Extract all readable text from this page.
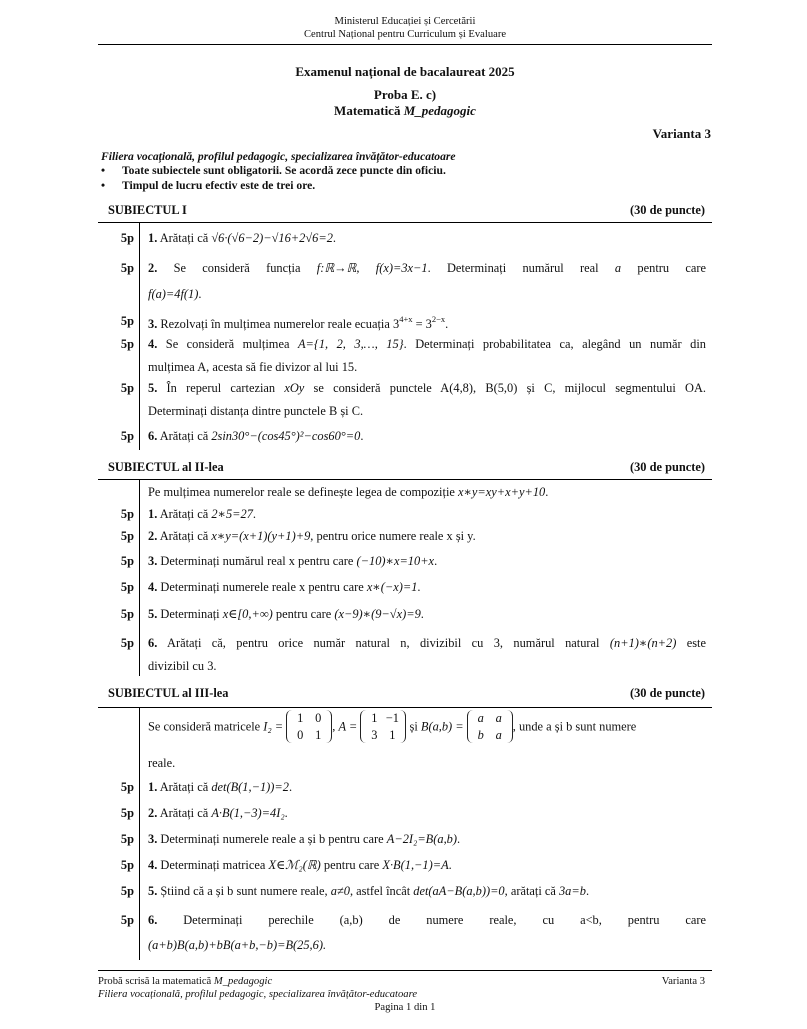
Ministerul Educației și Cercetării
Centrul Național pentru Curriculum și Evaluare
Examenul național de bacalaureat 2025
Proba E. c)
Matematică M_pedagogic
Varianta 3
Filiera vocațională, profilul pedagogic, specializarea învățător-educatoare
• Toate subiectele sunt obligatorii. Se acordă zece puncte din oficiu.
• Timpul de lucru efectiv este de trei ore.
SUBIECTUL I	(30 de puncte)
5p 1. Arătați că √6·(√6−2)−√16+2√6=2.
5p 2. Se consideră funcția f:ℝ→ℝ, f(x)=3x−1. Determinați numărul real a pentru care
f(a)=4f(1).
5p 3. Rezolvați în mulțimea numerelor reale ecuația $3^{4+x} = 3^{2-x}$.
5p 4. Se consideră mulțimea A={1, 2, 3,…, 15}. Determinați probabilitatea ca, alegând un număr din
mulțimea A, acesta să fie divizor al lui 15.
5p 5. În reperul cartezian xOy se consideră punctele A(4,8), B(5,0) și C, mijlocul segmentului OA.
Determinați distanța dintre punctele B și C.
5p 6. Arătați că 2sin30°−(cos45°)²−cos60°=0.
SUBIECTUL al II-lea	(30 de puncte)
Pe mulțimea numerelor reale se definește legea de compoziție x∗y=xy+x+y+10.
5p 1. Arătați că 2∗5=27.
5p 2. Arătați că x∗y=(x+1)(y+1)+9, pentru orice numere reale x și y.
5p 3. Determinați numărul real x pentru care (−10)∗x=10+x.
5p 4. Determinați numerele reale x pentru care x∗(−x)=1.
5p 5. Determinați x∈[0,+∞) pentru care (x−9)∗(9−√x)=9.
5p 6. Arătați că, pentru orice număr natural n, divizibil cu 3, numărul natural (n+1)∗(n+2) este
divizibil cu 3.
SUBIECTUL al III-lea	(30 de puncte)
Se consideră matricele I₂ = 1 0
0 1, A = 1 −1
3 1 și B(a,b) = a a
b a, unde a și b sunt numere
reale.
5p 1. Arătați că det(B(1,−1))=2.
5p 2. Arătați că A·B(1,−3)=4I₂.
5p 3. Determinați numerele reale a și b pentru care A−2I₂=B(a,b).
5p 4. Determinați matricea X∈ℳ₂(ℝ) pentru care X·B(1,−1)=A.
5p 5. Știind că a și b sunt numere reale, a≠0, astfel încât det(aA−B(a,b))=0, arătați că 3a=b.
5p 6. Determinați perechile (a,b) de numere reale, cu a<b, pentru care
(a+b)B(a,b)+bB(a+b,−b)=B(25,6).
Probă scrisă la matematică M_pedagogic	Varianta 3
Filiera vocațională, profilul pedagogic, specializarea învățător-educatoare
Pagina 1 din 1
